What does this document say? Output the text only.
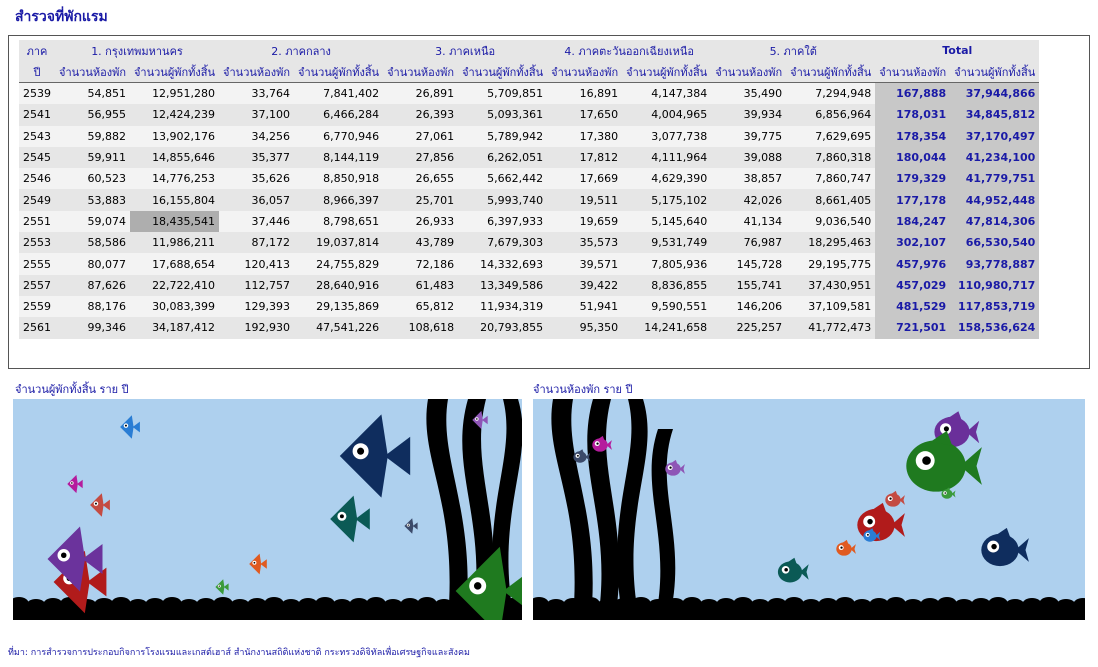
สำรวจที่พักแรม
ภาค	1. กรุงเทพมหานคร		2. ภาคกลาง		3. ภาคเหนือ		4. ภาคตะวันออกเฉียงเหนือ		5. ภาคใต้		Total	
ปี	จำนวนห้องพัก	จำนวนผู้พักทั้งสิ้น	จำนวนห้องพัก	จำนวนผู้พักทั้งสิ้น	จำนวนห้องพัก	จำนวนผู้พักทั้งสิ้น	จำนวนห้องพัก	จำนวนผู้พักทั้งสิ้น	จำนวนห้องพัก	จำนวนผู้พักทั้งสิ้น	จำนวนห้องพัก	จำนวนผู้พักทั้งสิ้น
2539	54,851	12,951,280	33,764	7,841,402	26,891	5,709,851	16,891	4,147,384	35,490	7,294,948	167,888	37,944,866
2541	56,955	12,424,239	37,100	6,466,284	26,393	5,093,361	17,650	4,004,965	39,934	6,856,964	178,031	34,845,812
2543	59,882	13,902,176	34,256	6,770,946	27,061	5,789,942	17,380	3,077,738	39,775	7,629,695	178,354	37,170,497
2545	59,911	14,855,646	35,377	8,144,119	27,856	6,262,051	17,812	4,111,964	39,088	7,860,318	180,044	41,234,100
2546	60,523	14,776,253	35,626	8,850,918	26,655	5,662,442	17,669	4,629,390	38,857	7,860,747	179,329	41,779,751
2549	53,883	16,155,804	36,057	8,966,397	25,701	5,993,740	19,511	5,175,102	42,026	8,661,405	177,178	44,952,448
2551	59,074	18,435,541	37,446	8,798,651	26,933	6,397,933	19,659	5,145,640	41,134	9,036,540	184,247	47,814,306
2553	58,586	11,986,211	87,172	19,037,814	43,789	7,679,303	35,573	9,531,749	76,987	18,295,463	302,107	66,530,540
2555	80,077	17,688,654	120,413	24,755,829	72,186	14,332,693	39,571	7,805,936	145,728	29,195,775	457,976	93,778,887
2557	87,626	22,722,410	112,757	28,640,916	61,483	13,349,586	39,422	8,836,855	155,741	37,430,951	457,029	110,980,717
2559	88,176	30,083,399	129,393	29,135,869	65,812	11,934,319	51,941	9,590,551	146,206	37,109,581	481,529	117,853,719
2561	99,346	34,187,412	192,930	47,541,226	108,618	20,793,855	95,350	14,241,658	225,257	41,772,473	721,501	158,536,624
จำนวนผู้พักทั้งสิ้น ราย ปี	จำนวนห้องพัก ราย ปี
ที่มา: การสำรวจการประกอบกิจการโรงแรมและเกสต์เฮาส์ สำนักงานสถิติแห่งชาติ กระทรวงดิจิทัลเพื่อเศรษฐกิจและสังคม
